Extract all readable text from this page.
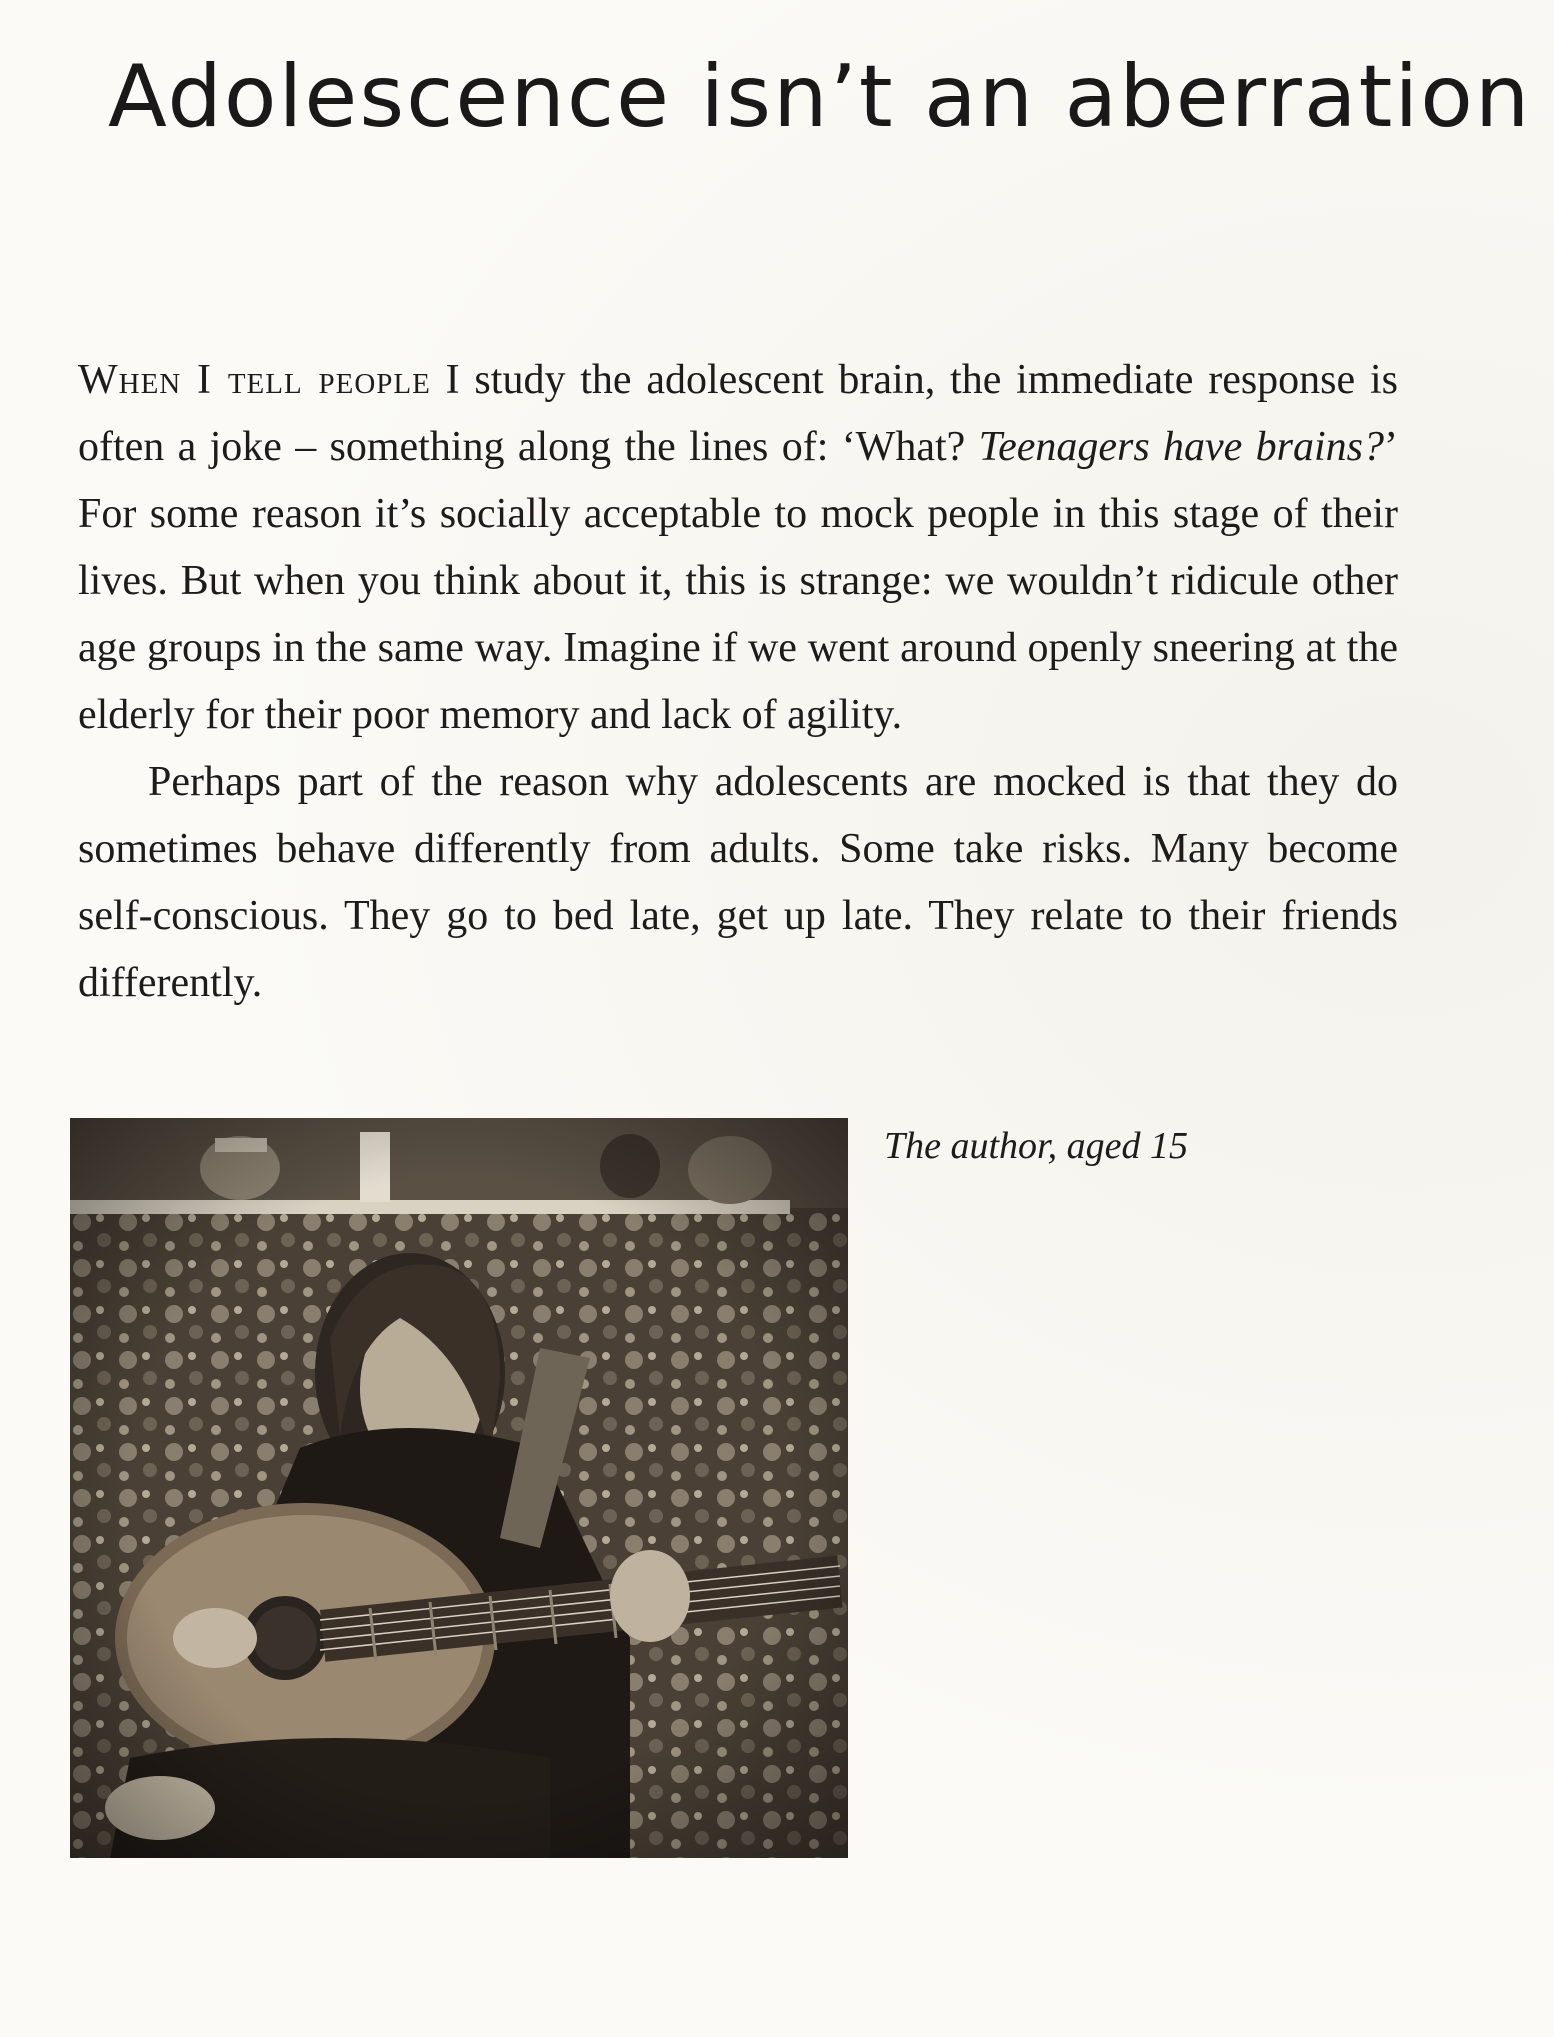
Adolescence isn’t an aberration

When I tell people I study the adolescent brain, the immediate response is often a joke – something along the lines of: ‘What? Teenagers have brains?’ For some reason it’s socially acceptable to mock people in this stage of their lives. But when you think about it, this is strange: we wouldn’t ridicule other age groups in the same way. Imagine if we went around openly sneering at the elderly for their poor memory and lack of agility.

Perhaps part of the reason why adolescents are mocked is that they do sometimes behave differently from adults. Some take risks. Many become self-conscious. They go to bed late, get up late. They relate to their friends differently.

The author, aged 15
